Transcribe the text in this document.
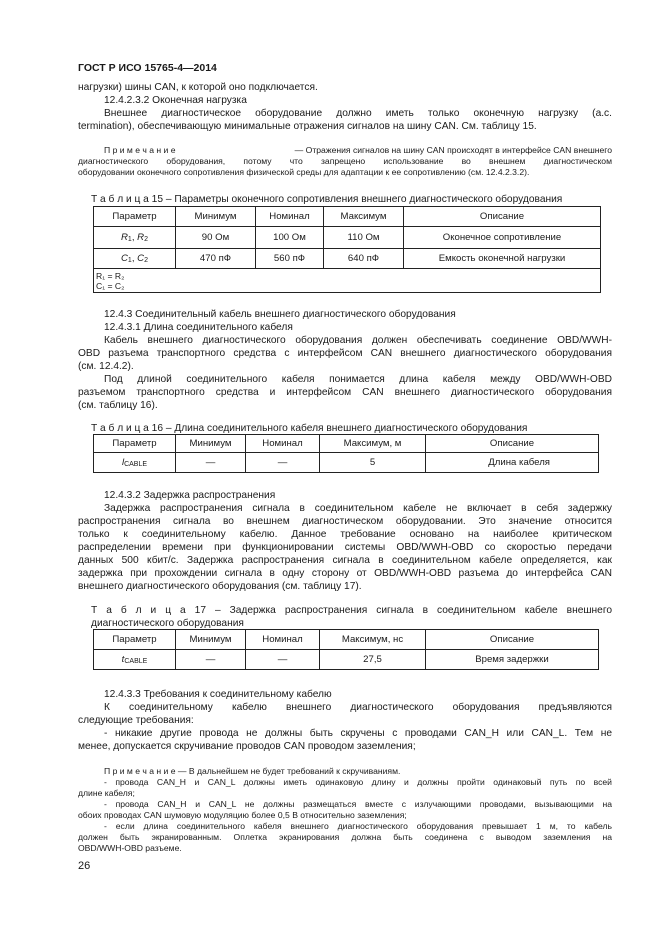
ГОСТ Р ИСО 15765-4—2014
нагрузки) шины CAN, к которой оно подключается.
12.4.2.3.2 Оконечная нагрузка
Внешнее диагностическое оборудование должно иметь только оконечную нагрузку (a.c.
termination), обеспечивающую минимальные отражения сигналов на шину CAN. См. таблицу 15.
П р и м е ч а н и е	— Отражения сигналов на шину CAN происходят в интерфейсе CAN внешнего
диагностического оборудования, потому что запрещено использование во внешнем диагностическом
оборудовании оконечного сопротивления физической среды для адаптации к ее сопротивлению (см. 12.4.2.3.2).
Т а б л и ц а 15 – Параметры оконечного сопротивления внешнего диагностического оборудования
Параметр	Минимум	Номинал	Максимум	Описание
$R_1$, $R_2$	90 Ом	100 Ом	110 Ом	Оконечное сопротивление
$C_1$, $C_2$	470 пФ	560 пФ	640 пФ	Емкость оконечной нагрузки

R₁ = R₂
C₁ = C₂				
12.4.3 Соединительный кабель внешнего диагностического оборудования
12.4.3.1 Длина соединительного кабеля
Кабель внешнего диагностического оборудования должен обеспечивать соединение OBD/WWH-
OBD разъема транспортного средства с интерфейсом CAN внешнего диагностического оборудования
(см. 12.4.2).
Под длиной соединительного кабеля понимается длина кабеля между OBD/WWH-OBD
разъемом транспортного средства и интерфейсом CAN внешнего диагностического оборудования
(см. таблицу 16).
Т а б л и ц а 16 – Длина соединительного кабеля внешнего диагностического оборудования
Параметр	Минимум	Номинал	Максимум, м	Описание
$l_{CABLE}$	—	—	5	Длина кабеля
12.4.3.2 Задержка распространения
Задержка распространения сигнала в соединительном кабеле не включает в себя задержку
распространения сигнала во внешнем диагностическом оборудовании. Это значение относится
только к соединительному кабелю. Данное требование основано на наиболее критическом
распределении времени при функционировании системы OBD/WWH-OBD со скоростью передачи
данных 500 кбит/с. Задержка распространения сигнала в соединительном кабеле определяется, как
задержка при прохождении сигнала в одну сторону от OBD/WWH-OBD разъема до интерфейса CAN
внешнего диагностического оборудования (см. таблицу 17).
Т а б л и ц а 17 – Задержка распространения сигнала в соединительном кабеле внешнего
диагностического оборудования
Параметр	Минимум	Номинал	Максимум, нс	Описание
$t_{CABLE}$	—	—	27,5	Время задержки
12.4.3.3 Требования к соединительному кабелю
К соединительному кабелю внешнего диагностического оборудования предъявляются
следующие требования:
- никакие другие провода не должны быть скручены с проводами CAN_H или CAN_L. Тем не
менее, допускается скручивание проводов CAN проводом заземления;
П р и м е ч а н и е — В дальнейшем не будет требований к скручиваниям.
- провода CAN_H и CAN_L должны иметь одинаковую длину и должны пройти одинаковый путь по всей
длине кабеля;
- провода CAN_H и CAN_L не должны размещаться вместе с излучающими проводами, вызывающими на
обоих проводах CAN шумовую модуляцию более 0,5 В относительно заземления;
- если длина соединительного кабеля внешнего диагностического оборудования превышает 1 м, то кабель
должен быть экранированным. Оплетка экранирования должна быть соединена с выводом заземления на
OBD/WWH-OBD разъеме.
26
